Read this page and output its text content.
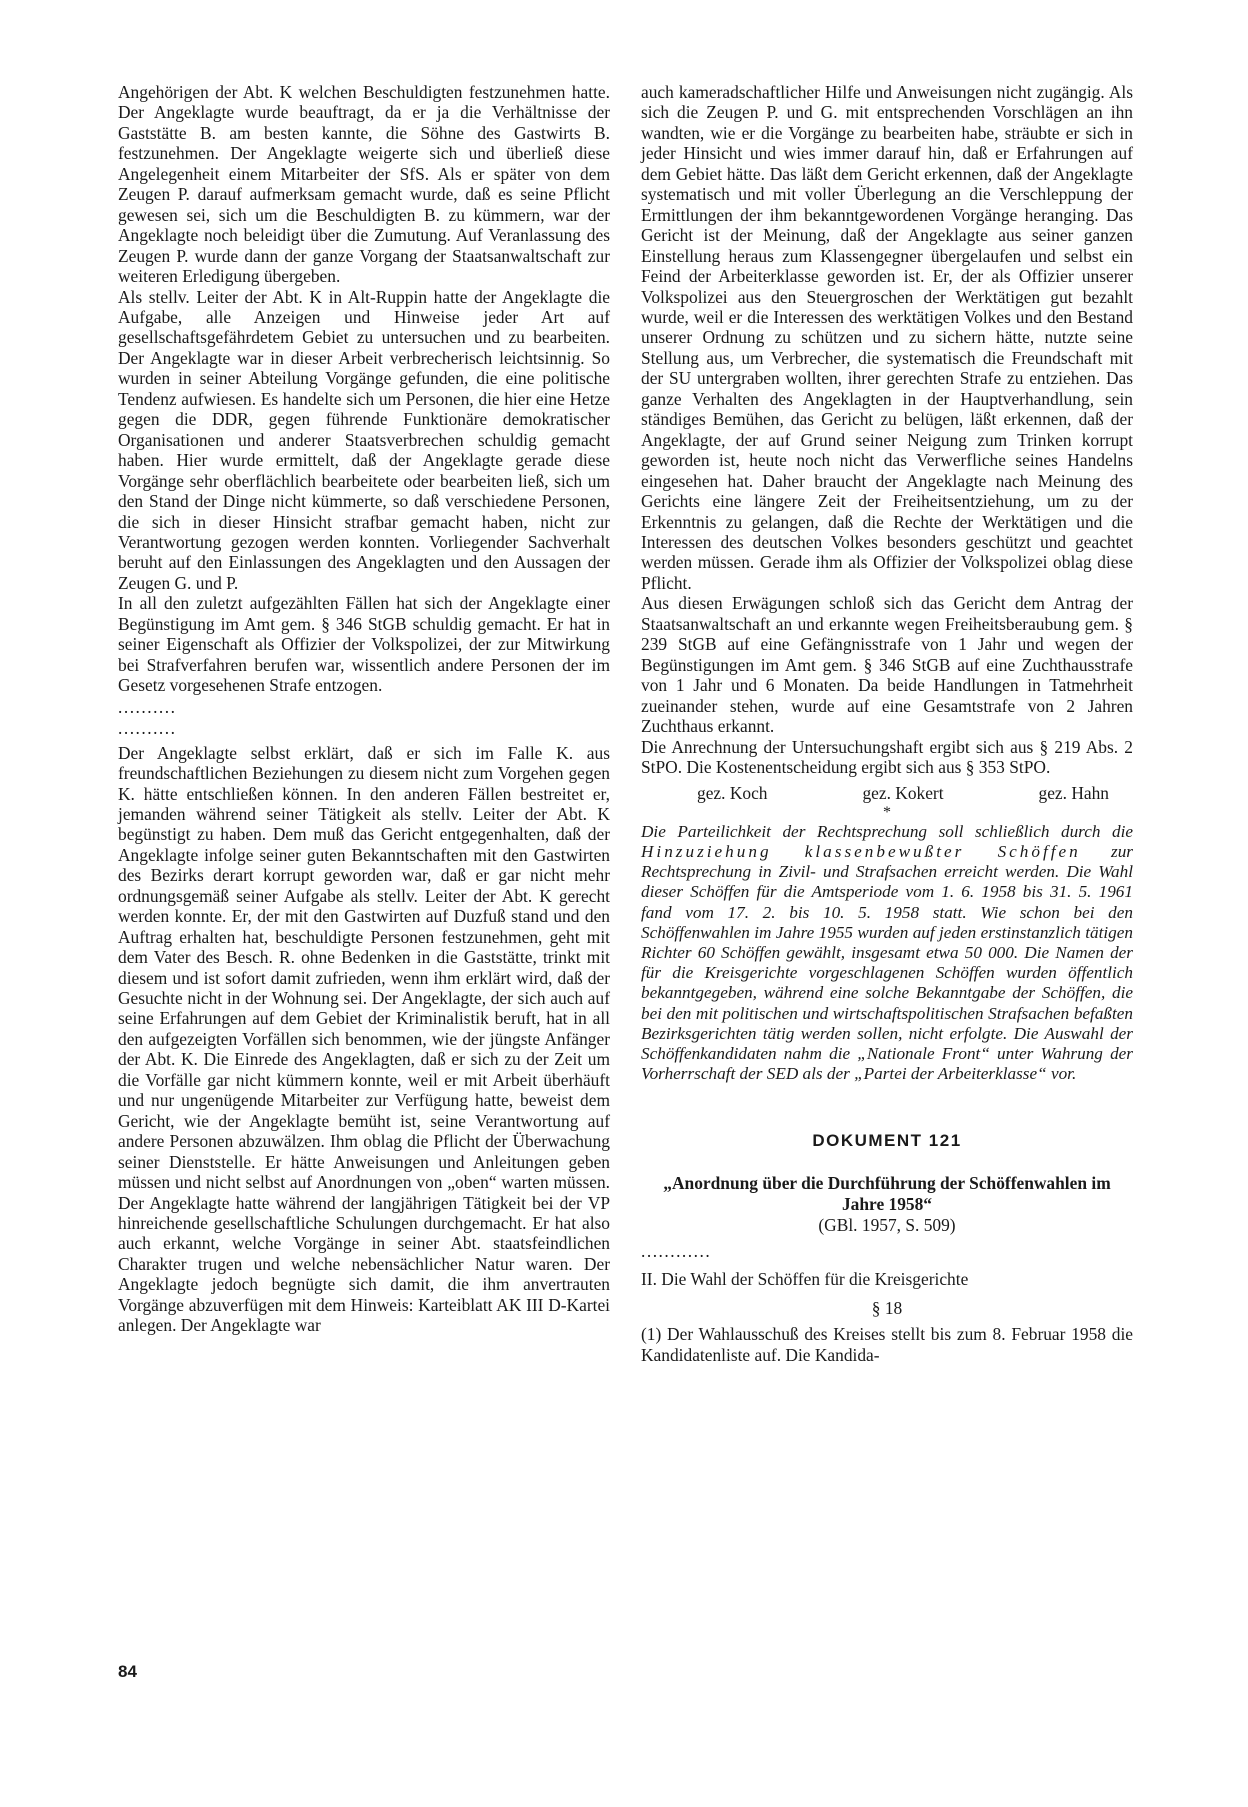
Angehörigen der Abt. K welchen Beschuldigten festzunehmen hatte. Der Angeklagte wurde beauftragt, da er ja die Verhältnisse der Gaststätte B. am besten kannte, die Söhne des Gastwirts B. festzunehmen. Der Angeklagte weigerte sich und überließ diese Angelegenheit einem Mitarbeiter der SfS. Als er später von dem Zeugen P. darauf aufmerksam gemacht wurde, daß es seine Pflicht gewesen sei, sich um die Beschuldigten B. zu kümmern, war der Angeklagte noch beleidigt über die Zumutung. Auf Veranlassung des Zeugen P. wurde dann der ganze Vorgang der Staatsanwaltschaft zur weiteren Erledigung übergeben.

Als stellv. Leiter der Abt. K in Alt-Ruppin hatte der Angeklagte die Aufgabe, alle Anzeigen und Hinweise jeder Art auf gesellschaftsgefährdetem Gebiet zu untersuchen und zu bearbeiten. Der Angeklagte war in dieser Arbeit verbrecherisch leichtsinnig. So wurden in seiner Abteilung Vorgänge gefunden, die eine politische Tendenz aufwiesen. Es handelte sich um Personen, die hier eine Hetze gegen die DDR, gegen führende Funktionäre demokratischer Organisationen und anderer Staatsverbrechen schuldig gemacht haben. Hier wurde ermittelt, daß der Angeklagte gerade diese Vorgänge sehr oberflächlich bearbeitete oder bearbeiten ließ, sich um den Stand der Dinge nicht kümmerte, so daß verschiedene Personen, die sich in dieser Hinsicht strafbar gemacht haben, nicht zur Verantwortung gezogen werden konnten. Vorliegender Sachverhalt beruht auf den Einlassungen des Angeklagten und den Aussagen der Zeugen G. und P.

In all den zuletzt aufgezählten Fällen hat sich der Angeklagte einer Begünstigung im Amt gem. § 346 StGB schuldig gemacht. Er hat in seiner Eigenschaft als Offizier der Volkspolizei, der zur Mitwirkung bei Strafverfahren berufen war, wissentlich andere Personen der im Gesetz vorgesehenen Strafe entzogen.

..........
..........

Der Angeklagte selbst erklärt, daß er sich im Falle K. aus freundschaftlichen Beziehungen zu diesem nicht zum Vorgehen gegen K. hätte entschließen können. In den anderen Fällen bestreitet er, jemanden während seiner Tätigkeit als stellv. Leiter der Abt. K begünstigt zu haben. Dem muß das Gericht entgegenhalten, daß der Angeklagte infolge seiner guten Bekanntschaften mit den Gastwirten des Bezirks derart korrupt geworden war, daß er gar nicht mehr ordnungsgemäß seiner Aufgabe als stellv. Leiter der Abt. K gerecht werden konnte. Er, der mit den Gastwirten auf Duzfuß stand und den Auftrag erhalten hat, beschuldigte Personen festzunehmen, geht mit dem Vater des Besch. R. ohne Bedenken in die Gaststätte, trinkt mit diesem und ist sofort damit zufrieden, wenn ihm erklärt wird, daß der Gesuchte nicht in der Wohnung sei. Der Angeklagte, der sich auch auf seine Erfahrungen auf dem Gebiet der Kriminalistik beruft, hat in all den aufgezeigten Vorfällen sich benommen, wie der jüngste Anfänger der Abt. K. Die Einrede des Angeklagten, daß er sich zu der Zeit um die Vorfälle gar nicht kümmern konnte, weil er mit Arbeit überhäuft und nur ungenügende Mitarbeiter zur Verfügung hatte, beweist dem Gericht, wie der Angeklagte bemüht ist, seine Verantwortung auf andere Personen abzuwälzen. Ihm oblag die Pflicht der Überwachung seiner Dienststelle. Er hätte Anweisungen und Anleitungen geben müssen und nicht selbst auf Anordnungen von „oben“ warten müssen. Der Angeklagte hatte während der langjährigen Tätigkeit bei der VP hinreichende gesellschaftliche Schulungen durchgemacht. Er hat also auch erkannt, welche Vorgänge in seiner Abt. staatsfeindlichen Charakter trugen und welche nebensächlicher Natur waren. Der Angeklagte jedoch begnügte sich damit, die ihm anvertrauten Vorgänge abzuverfügen mit dem Hinweis: Karteiblatt AK III D-Kartei anlegen. Der Angeklagte war

auch kameradschaftlicher Hilfe und Anweisungen nicht zugängig. Als sich die Zeugen P. und G. mit entsprechenden Vorschlägen an ihn wandten, wie er die Vorgänge zu bearbeiten habe, sträubte er sich in jeder Hinsicht und wies immer darauf hin, daß er Erfahrungen auf dem Gebiet hätte. Das läßt dem Gericht erkennen, daß der Angeklagte systematisch und mit voller Überlegung an die Verschleppung der Ermittlungen der ihm bekanntgewordenen Vorgänge heranging. Das Gericht ist der Meinung, daß der Angeklagte aus seiner ganzen Einstellung heraus zum Klassengegner übergelaufen und selbst ein Feind der Arbeiterklasse geworden ist. Er, der als Offizier unserer Volkspolizei aus den Steuergroschen der Werktätigen gut bezahlt wurde, weil er die Interessen des werktätigen Volkes und den Bestand unserer Ordnung zu schützen und zu sichern hätte, nutzte seine Stellung aus, um Verbrecher, die systematisch die Freundschaft mit der SU untergraben wollten, ihrer gerechten Strafe zu entziehen. Das ganze Verhalten des Angeklagten in der Hauptverhandlung, sein ständiges Bemühen, das Gericht zu belügen, läßt erkennen, daß der Angeklagte, der auf Grund seiner Neigung zum Trinken korrupt geworden ist, heute noch nicht das Verwerfliche seines Handelns eingesehen hat. Daher braucht der Angeklagte nach Meinung des Gerichts eine längere Zeit der Freiheitsentziehung, um zu der Erkenntnis zu gelangen, daß die Rechte der Werktätigen und die Interessen des deutschen Volkes besonders geschützt und geachtet werden müssen. Gerade ihm als Offizier der Volkspolizei oblag diese Pflicht.

Aus diesen Erwägungen schloß sich das Gericht dem Antrag der Staatsanwaltschaft an und erkannte wegen Freiheitsberaubung gem. § 239 StGB auf eine Gefängnisstrafe von 1 Jahr und wegen der Begünstigungen im Amt gem. § 346 StGB auf eine Zuchthausstrafe von 1 Jahr und 6 Monaten. Da beide Handlungen in Tatmehrheit zueinander stehen, wurde auf eine Gesamtstrafe von 2 Jahren Zuchthaus erkannt.

Die Anrechnung der Untersuchungshaft ergibt sich aus § 219 Abs. 2 StPO. Die Kostenentscheidung ergibt sich aus § 353 StPO.

gez. Koch	gez. Kokert	gez. Hahn
*

Die Parteilichkeit der Rechtsprechung soll schließlich durch die Hinzuziehung klassenbewußter Schöffen zur Rechtsprechung in Zivil- und Strafsachen erreicht werden. Die Wahl dieser Schöffen für die Amtsperiode vom 1. 6. 1958 bis 31. 5. 1961 fand vom 17. 2. bis 10. 5. 1958 statt. Wie schon bei den Schöffenwahlen im Jahre 1955 wurden auf jeden erstinstanzlich tätigen Richter 60 Schöffen gewählt, insgesamt etwa 50 000. Die Namen der für die Kreisgerichte vorgeschlagenen Schöffen wurden öffentlich bekanntgegeben, während eine solche Bekanntgabe der Schöffen, die bei den mit politischen und wirtschaftspolitischen Strafsachen befaßten Bezirksgerichten tätig werden sollen, nicht erfolgte. Die Auswahl der Schöffenkandidaten nahm die „Nationale Front“ unter Wahrung der Vorherrschaft der SED als der „Partei der Arbeiterklasse“ vor.

DOKUMENT 121
„Anordnung über die Durchführung der Schöffenwahlen im Jahre 1958“
(GBl. 1957, S. 509)
............

II. Die Wahl der Schöffen für die Kreisgerichte

§ 18

(1) Der Wahlausschuß des Kreises stellt bis zum 8. Februar 1958 die Kandidatenliste auf. Die Kandida-

84
